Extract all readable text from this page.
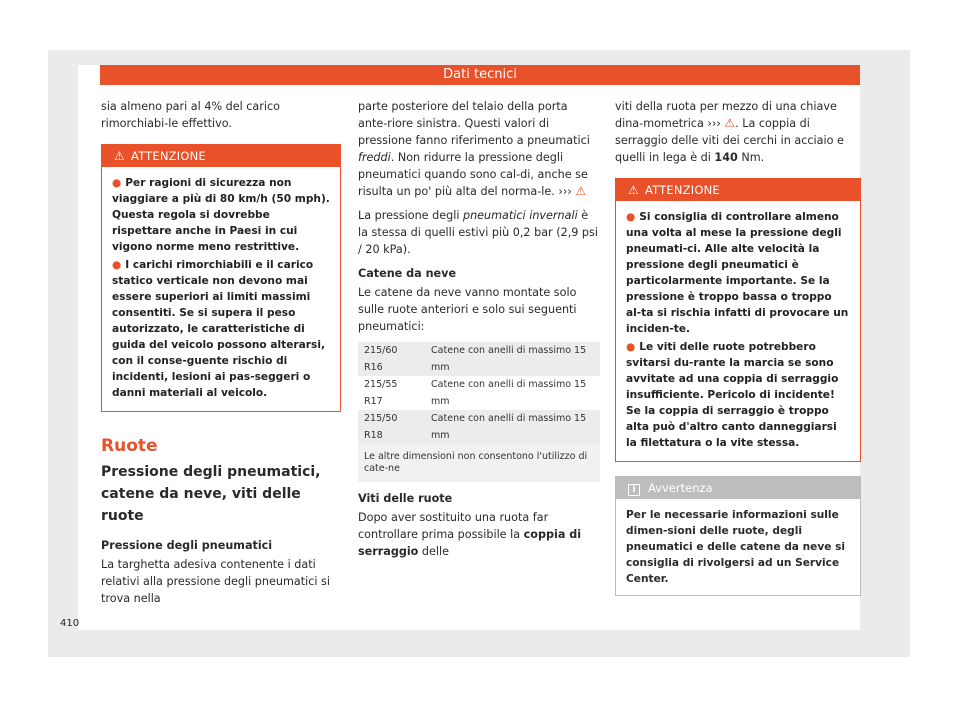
Dati tecnici

sia almeno pari al 4% del carico rimorchiabi-le effettivo.

⚠ ATTENZIONE
● Per ragioni di sicurezza non viaggiare a più di 80 km/h (50 mph). Questa regola si dovrebbe rispettare anche in Paesi in cui vigono norme meno restrittive.
● I carichi rimorchiabili e il carico statico verticale non devono mai essere superiori ai limiti massimi consentiti. Se si supera il peso autorizzato, le caratteristiche di guida del veicolo possono alterarsi, con il conse-guente rischio di incidenti, lesioni ai pas-seggeri o danni materiali al veicolo.
Ruote
Pressione degli pneumatici, catene da neve, viti delle ruote
Pressione degli pneumatici

La targhetta adesiva contenente i dati relativi alla pressione degli pneumatici si trova nella

parte posteriore del telaio della porta ante-riore sinistra. Questi valori di pressione fanno riferimento a pneumatici freddi. Non ridurre la pressione degli pneumatici quando sono cal-di, anche se risulta un po' più alta del norma-le. ››› ⚠

La pressione degli pneumatici invernali è la stessa di quelli estivi più 0,2 bar (2,9 psi / 20 kPa).

Catene da neve

Le catene da neve vanno montate solo sulle ruote anteriori e solo sui seguenti pneumatici:

215/60 R16	Catene con anelli di massimo 15 mm
215/55 R17	Catene con anelli di massimo 15 mm
215/50 R18	Catene con anelli di massimo 15 mm
Le altre dimensioni non consentono l'utilizzo di cate-ne	
Viti delle ruote

Dopo aver sostituito una ruota far controllare prima possibile la coppia di serraggio delle

viti della ruota per mezzo di una chiave dina-mometrica ››› ⚠. La coppia di serraggio delle viti dei cerchi in acciaio e quelli in lega è di 140 Nm.

⚠ ATTENZIONE
● Si consiglia di controllare almeno una volta al mese la pressione degli pneumati-ci. Alle alte velocità la pressione degli pneumatici è particolarmente importante. Se la pressione è troppo bassa o troppo al-ta si rischia infatti di provocare un inciden-te.
● Le viti delle ruote potrebbero svitarsi du-rante la marcia se sono avvitate ad una coppia di serraggio insufficiente. Pericolo di incidente! Se la coppia di serraggio è troppo alta può d'altro canto danneggiarsi la filettatura o la vite stessa.
i Avvertenza
Per le necessarie informazioni sulle dimen-sioni delle ruote, degli pneumatici e delle catene da neve si consiglia di rivolgersi ad un Service Center.
410
